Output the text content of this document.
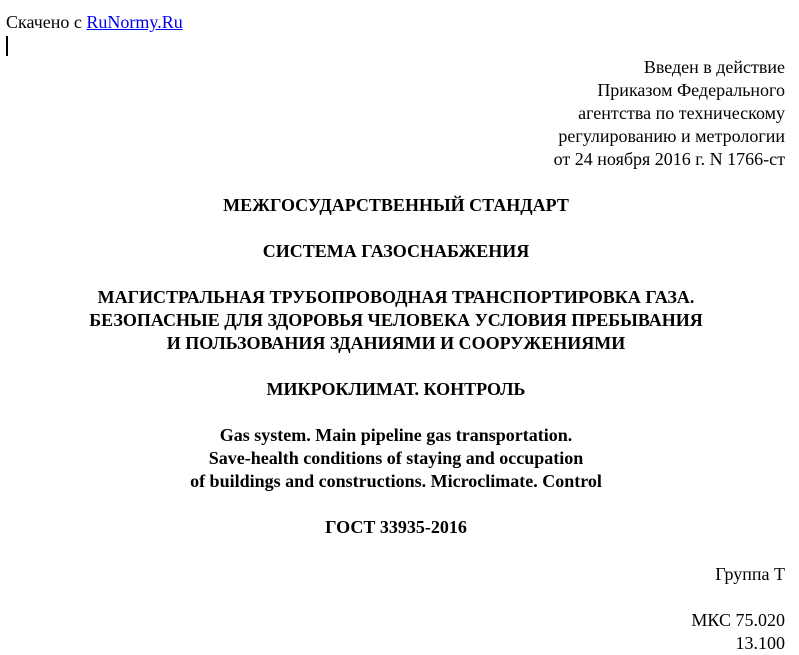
Скачено с RuNormy.Ru
Введен в действие
Приказом Федерального
агентства по техническому
регулированию и метрологии
от 24 ноября 2016 г. N 1766-ст
МЕЖГОСУДАРСТВЕННЫЙ СТАНДАРТ
СИСТЕМА ГАЗОСНАБЖЕНИЯ
МАГИСТРАЛЬНАЯ ТРУБОПРОВОДНАЯ ТРАНСПОРТИРОВКА ГАЗА.
БЕЗОПАСНЫЕ ДЛЯ ЗДОРОВЬЯ ЧЕЛОВЕКА УСЛОВИЯ ПРЕБЫВАНИЯ
И ПОЛЬЗОВАНИЯ ЗДАНИЯМИ И СООРУЖЕНИЯМИ
МИКРОКЛИМАТ. КОНТРОЛЬ
Gas system. Main pipeline gas transportation.
Save-health conditions of staying and occupation
of buildings and constructions. Microclimate. Control
ГОСТ 33935-2016
Группа Т
МКС 75.020
13.100
